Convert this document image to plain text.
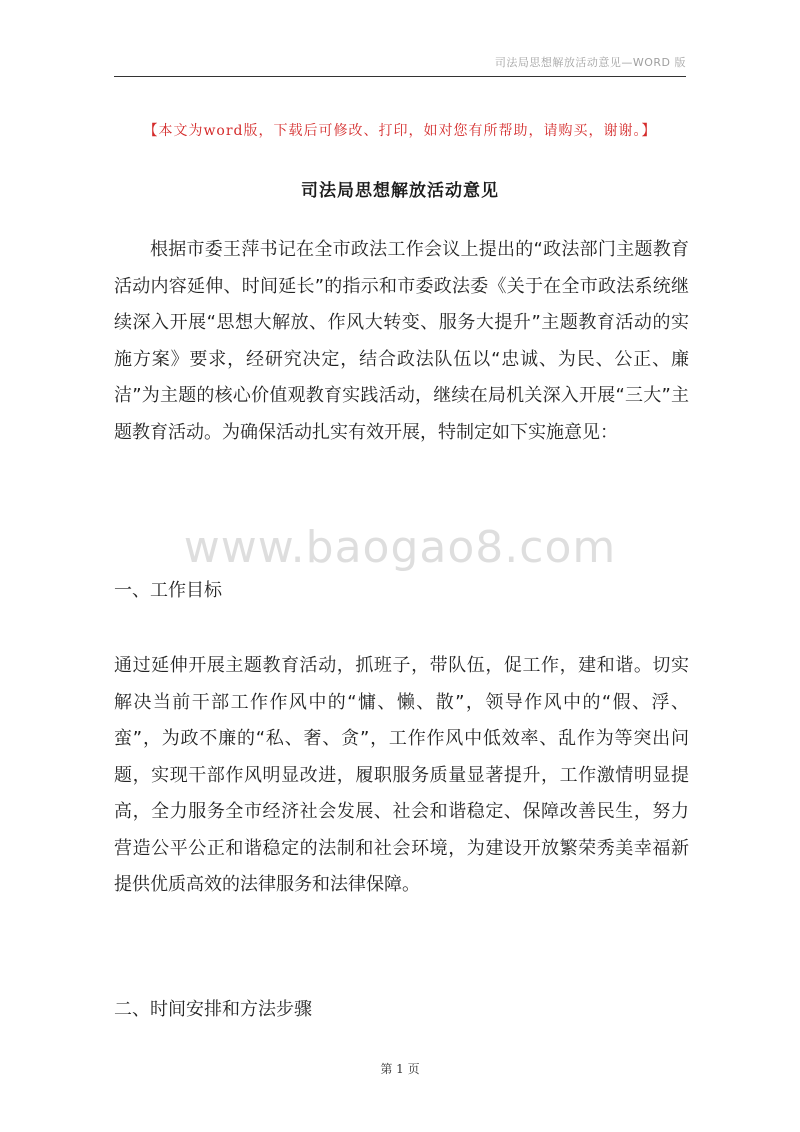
司法局思想解放活动意见—WORD 版
【本文为word版，下载后可修改、打印，如对您有所帮助，请购买，谢谢。】
司法局思想解放活动意见

根据市委王萍书记在全市政法工作会议上提出的“政法部门主题教育活动内容延伸、时间延长”的指示和市委政法委《关于在全市政法系统继续深入开展“思想大解放、作风大转变、服务大提升”主题教育活动的实施方案》要求，经研究决定，结合政法队伍以“忠诚、为民、公正、廉洁”为主题的核心价值观教育实践活动，继续在局机关深入开展“三大”主题教育活动。为确保活动扎实有效开展，特制定如下实施意见：

www.baogao8.com

一、工作目标

通过延伸开展主题教育活动，抓班子，带队伍，促工作，建和谐。切实解决当前干部工作作风中的“慵、懒、散”，领导作风中的“假、浮、蛮”，为政不廉的“私、奢、贪”，工作作风中低效率、乱作为等突出问题，实现干部作风明显改进，履职服务质量显著提升，工作激情明显提高，全力服务全市经济社会发展、社会和谐稳定、保障改善民生，努力营造公平公正和谐稳定的法制和社会环境，为建设开放繁荣秀美幸福新提供优质高效的法律服务和法律保障。

二、时间安排和方法步骤

第 1 页
